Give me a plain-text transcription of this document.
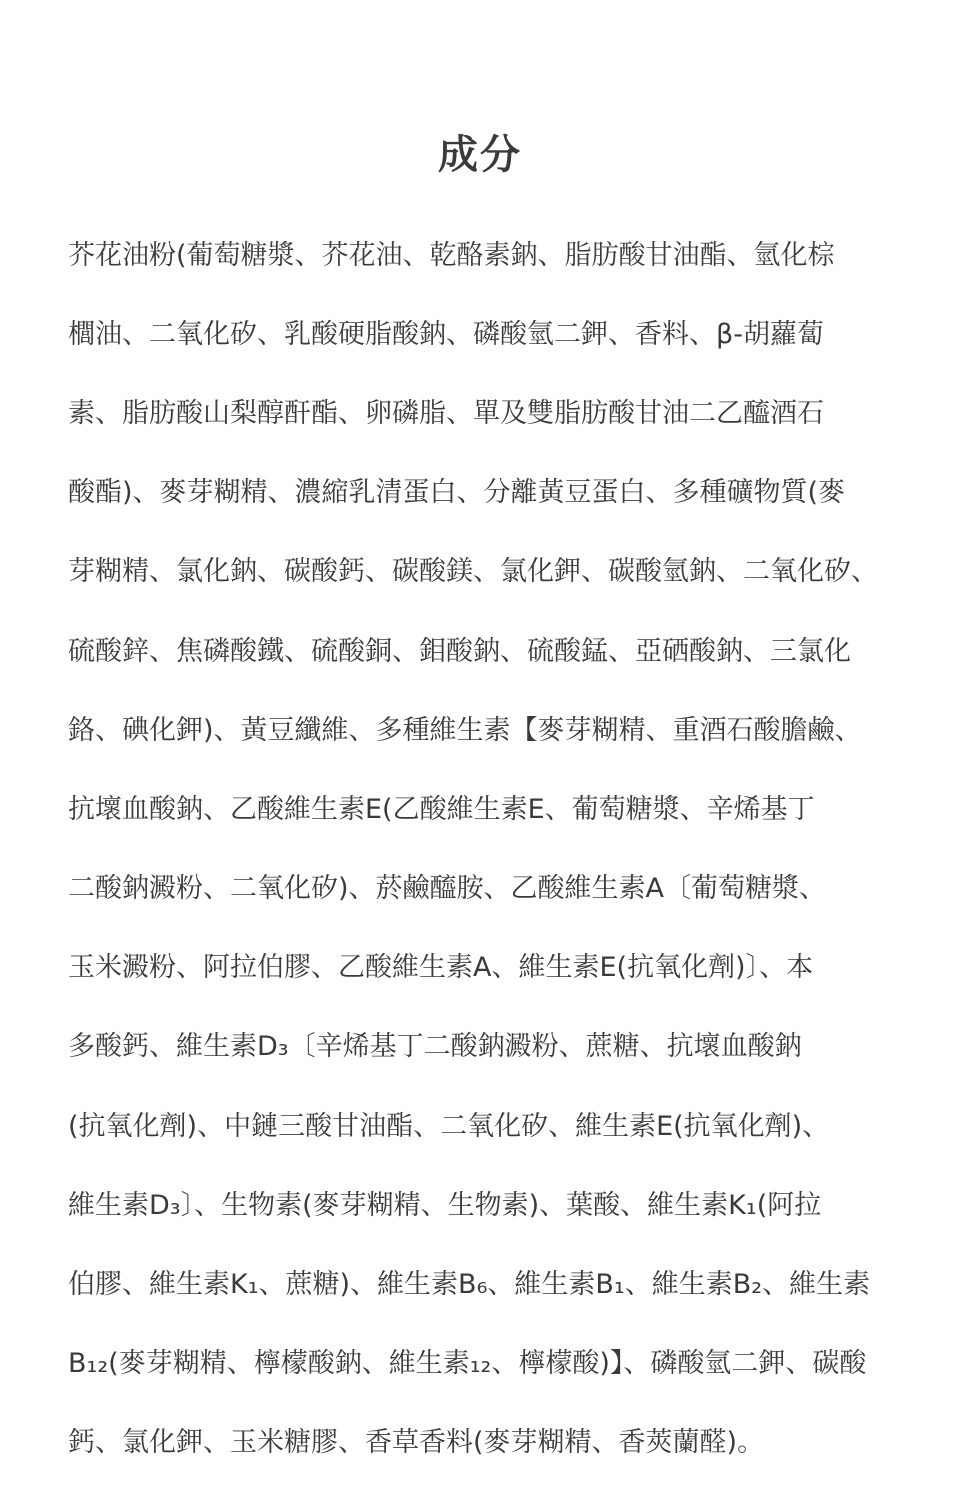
成分

芥花油粉(葡萄糖漿、芥花油、乾酪素鈉、脂肪酸甘油酯、氫化棕

櫚油、二氧化矽、乳酸硬脂酸鈉、磷酸氫二鉀、香料、β-胡蘿蔔

素、脂肪酸山梨醇酐酯、卵磷脂、單及雙脂肪酸甘油二乙醯酒石

酸酯)、麥芽糊精、濃縮乳清蛋白、分離黃豆蛋白、多種礦物質(麥

芽糊精、氯化鈉、碳酸鈣、碳酸鎂、氯化鉀、碳酸氫鈉、二氧化矽、

硫酸鋅、焦磷酸鐵、硫酸銅、鉬酸鈉、硫酸錳、亞硒酸鈉、三氯化

鉻、碘化鉀)、黃豆纖維、多種維生素【麥芽糊精、重酒石酸膽鹼、

抗壞血酸鈉、乙酸維生素E(乙酸維生素E、葡萄糖漿、辛烯基丁

二酸鈉澱粉、二氧化矽)、菸鹼醯胺、乙酸維生素A〔葡萄糖漿、

玉米澱粉、阿拉伯膠、乙酸維生素A、維生素E(抗氧化劑)〕、本

多酸鈣、維生素D₃〔辛烯基丁二酸鈉澱粉、蔗糖、抗壞血酸鈉

(抗氧化劑)、中鏈三酸甘油酯、二氧化矽、維生素E(抗氧化劑)、

維生素D₃〕、生物素(麥芽糊精、生物素)、葉酸、維生素K₁(阿拉

伯膠、維生素K₁、蔗糖)、維生素B₆、維生素B₁、維生素B₂、維生素

B₁₂(麥芽糊精、檸檬酸鈉、維生素₁₂、檸檬酸)】、磷酸氫二鉀、碳酸

鈣、氯化鉀、玉米糖膠、香草香料(麥芽糊精、香莢蘭醛)。
